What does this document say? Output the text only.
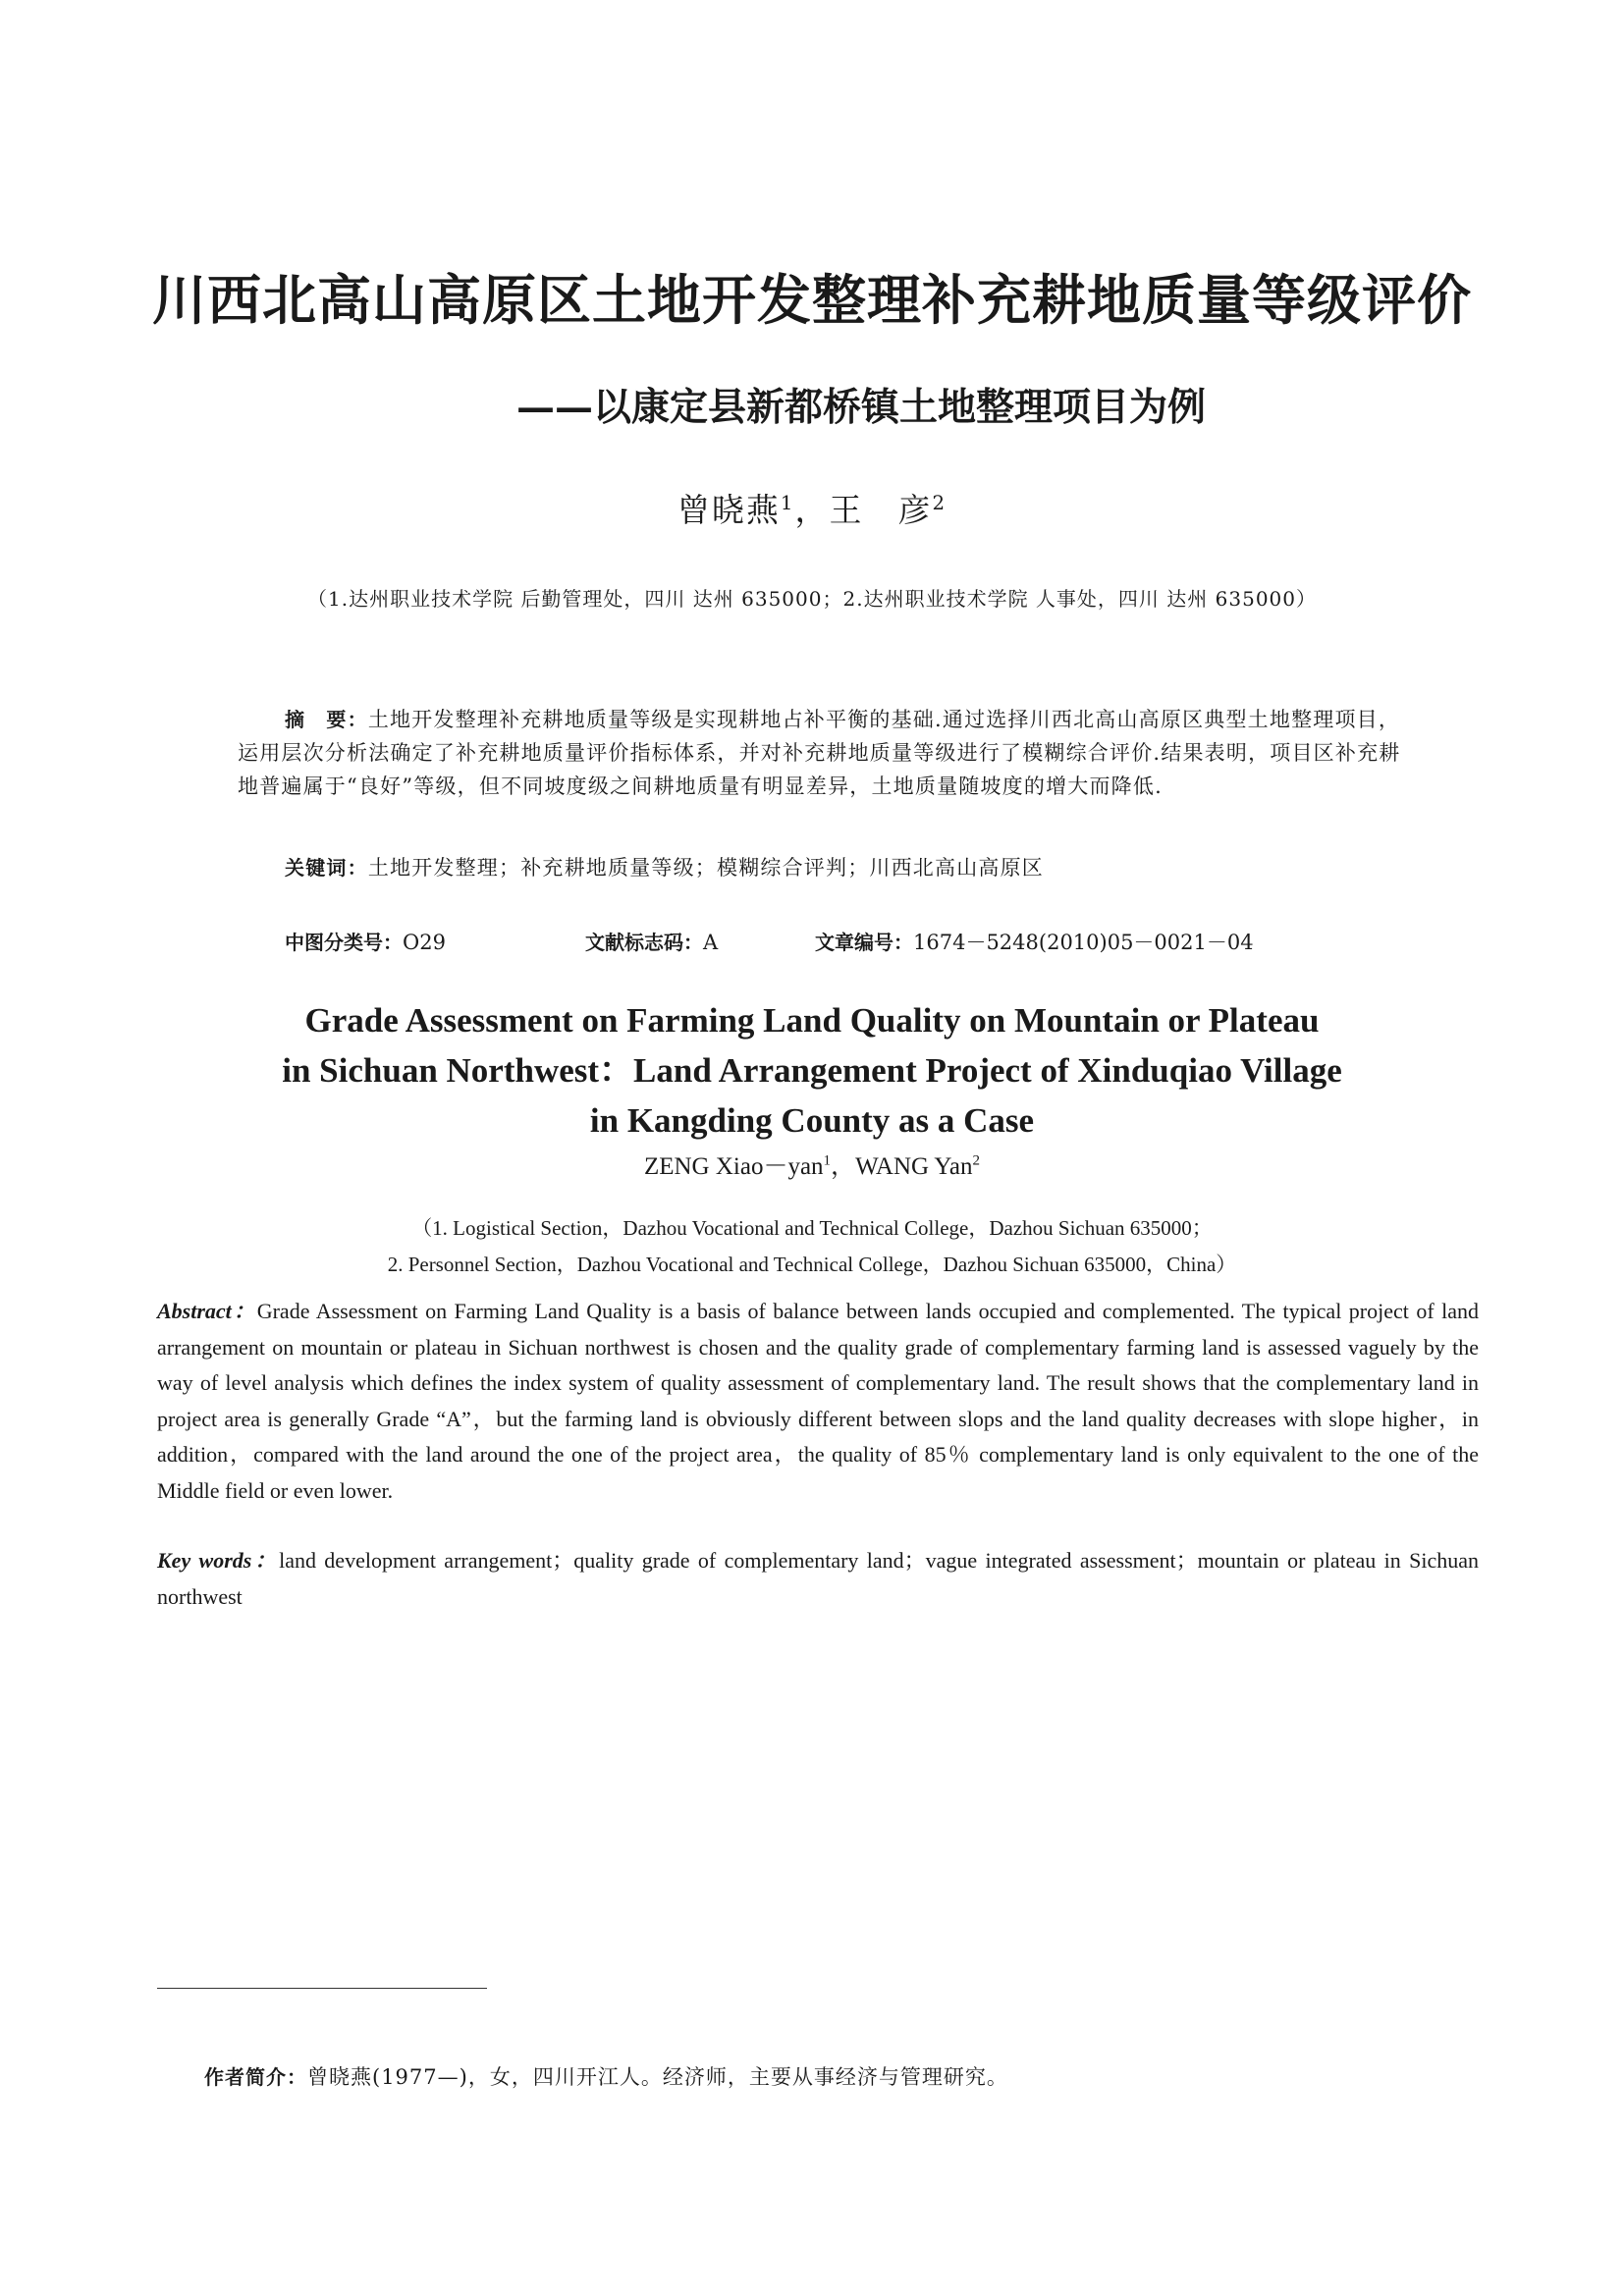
川西北高山高原区土地开发整理补充耕地质量等级评价
——以康定县新都桥镇土地整理项目为例
曾晓燕$^1$，王　彦$^2$
（1.达州职业技术学院 后勤管理处，四川 达州 635000；2.达州职业技术学院 人事处，四川 达州 635000）

摘　要：土地开发整理补充耕地质量等级是实现耕地占补平衡的基础.通过选择川西北高山高原区典型土地整理项目，运用层次分析法确定了补充耕地质量评价指标体系，并对补充耕地质量等级进行了模糊综合评价.结果表明，项目区补充耕地普遍属于“良好”等级，但不同坡度级之间耕地质量有明显差异，土地质量随坡度的增大而降低.

关键词：土地开发整理；补充耕地质量等级；模糊综合评判；川西北高山高原区
中图分类号：O29	文献标志码：A	文章编号：1674－5248(2010)05－0021－04
Grade Assessment on Farming Land Quality on Mountain or Plateau
in Sichuan Northwest：Land Arrangement Project of Xinduqiao Village
in Kangding County as a Case
ZENG Xiao－yan$^1$，WANG Yan$^2$
（1. Logistical Section，Dazhou Vocational and Technical College，Dazhou Sichuan 635000；
2. Personnel Section，Dazhou Vocational and Technical College，Dazhou Sichuan 635000，China）

Abstract：Grade Assessment on Farming Land Quality is a basis of balance between lands occupied and complemented. The typical project of land arrangement on mountain or plateau in Sichuan northwest is chosen and the quality grade of complementary farming land is assessed vaguely by the way of level analysis which defines the index system of quality assessment of complementary land. The result shows that the complementary land in project area is generally Grade “A”，but the farming land is obviously different between slops and the land quality decreases with slope higher，in addition，compared with the land around the one of the project area，the quality of 85％ complementary land is only equivalent to the one of the Middle field or even lower.

Key words：land development arrangement；quality grade of complementary land；vague integrated assessment；mountain or plateau in Sichuan northwest

作者简介：曾晓燕(1977—)，女，四川开江人。经济师，主要从事经济与管理研究。
